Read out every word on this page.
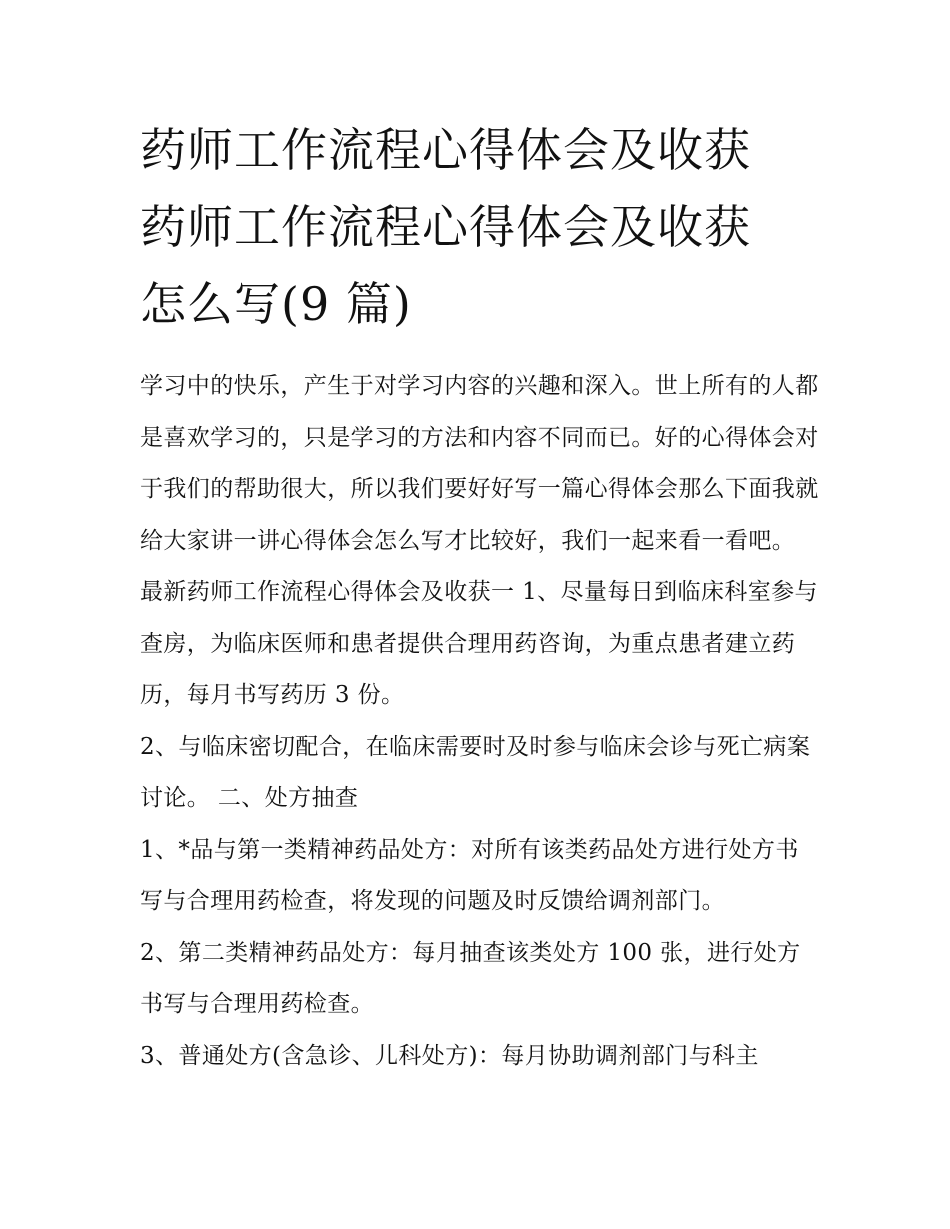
药师工作流程心得体会及收获
药师工作流程心得体会及收获
怎么写(9 篇)

学习中的快乐，产生于对学习内容的兴趣和深入。世上所有的人都是喜欢学习的，只是学习的方法和内容不同而已。好的心得体会对于我们的帮助很大，所以我们要好好写一篇心得体会那么下面我就给大家讲一讲心得体会怎么写才比较好，我们一起来看一看吧。

最新药师工作流程心得体会及收获一 1、尽量每日到临床科室参与查房，为临床医师和患者提供合理用药咨询，为重点患者建立药历，每月书写药历 3 份。

2、与临床密切配合，在临床需要时及时参与临床会诊与死亡病案讨论。 二、处方抽查

1、*品与第一类精神药品处方：对所有该类药品处方进行处方书写与合理用药检查，将发现的问题及时反馈给调剂部门。

2、第二类精神药品处方：每月抽查该类处方 100 张，进行处方书写与合理用药检查。

3、普通处方(含急诊、儿科处方)：每月协助调剂部门与科主
